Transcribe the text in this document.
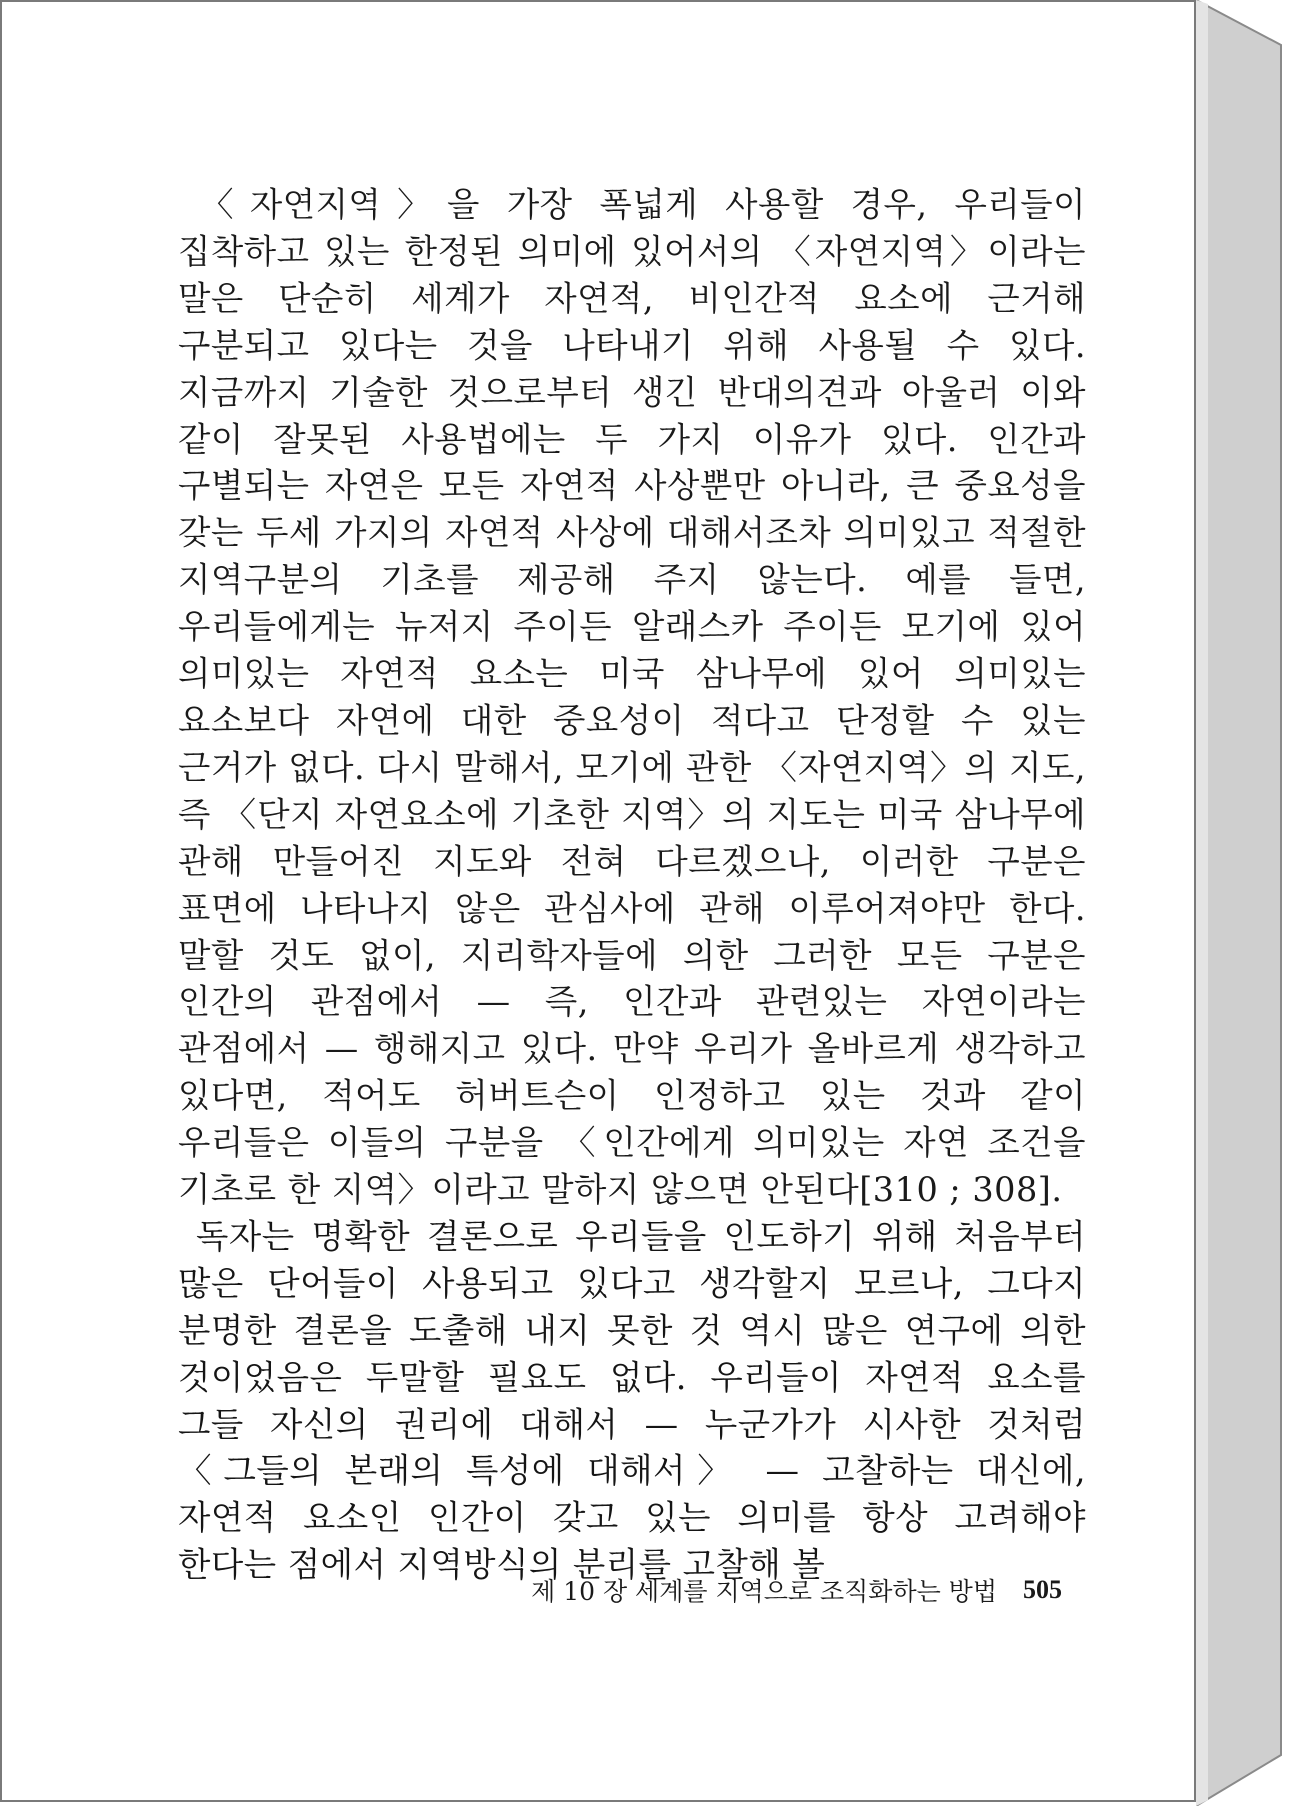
〈자연지역〉을 가장 폭넓게 사용할 경우, 우리들이 집착하고 있는 한정된 의미에 있어서의 〈자연지역〉이라는 말은 단순히 세계가 자연적, 비인간적 요소에 근거해 구분되고 있다는 것을 나타내기 위해 사용될 수 있다. 지금까지 기술한 것으로부터 생긴 반대의견과 아울러 이와 같이 잘못된 사용법에는 두 가지 이유가 있다. 인간과 구별되는 자연은 모든 자연적 사상뿐만 아니라, 큰 중요성을 갖는 두세 가지의 자연적 사상에 대해서조차 의미있고 적절한 지역구분의 기초를 제공해 주지 않는다. 예를 들면, 우리들에게는 뉴저지 주이든 알래스카 주이든 모기에 있어 의미있는 자연적 요소는 미국 삼나무에 있어 의미있는 요소보다 자연에 대한 중요성이 적다고 단정할 수 있는 근거가 없다. 다시 말해서, 모기에 관한 〈자연지역〉의 지도, 즉 〈단지 자연요소에 기초한 지역〉의 지도는 미국 삼나무에 관해 만들어진 지도와 전혀 다르겠으나, 이러한 구분은 표면에 나타나지 않은 관심사에 관해 이루어져야만 한다. 말할 것도 없이, 지리학자들에 의한 그러한 모든 구분은 인간의 관점에서 — 즉, 인간과 관련있는 자연이라는 관점에서 — 행해지고 있다. 만약 우리가 올바르게 생각하고 있다면, 적어도 허버트슨이 인정하고 있는 것과 같이 우리들은 이들의 구분을 〈인간에게 의미있는 자연 조건을 기초로 한 지역〉이라고 말하지 않으면 안된다[310 ; 308].

독자는 명확한 결론으로 우리들을 인도하기 위해 처음부터 많은 단어들이 사용되고 있다고 생각할지 모르나, 그다지 분명한 결론을 도출해 내지 못한 것 역시 많은 연구에 의한 것이었음은 두말할 필요도 없다. 우리들이 자연적 요소를 그들 자신의 권리에 대해서 — 누군가가 시사한 것처럼 〈그들의 본래의 특성에 대해서〉 — 고찰하는 대신에, 자연적 요소인 인간이 갖고 있는 의미를 항상 고려해야 한다는 점에서 지역방식의 분리를 고찰해 볼

제 10 장 세계를 지역으로 조직화하는 방법 505
